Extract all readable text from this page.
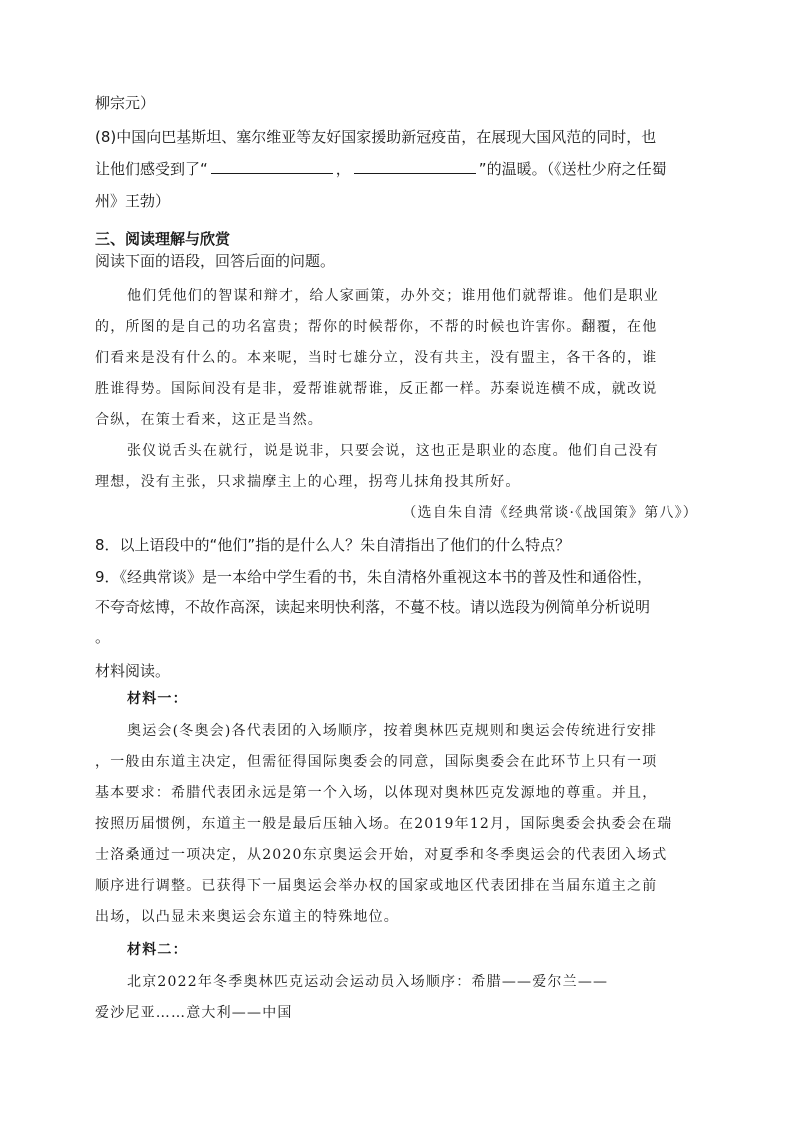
柳宗元）
(8)中国向巴基斯坦、塞尔维亚等友好国家援助新冠疫苗，在展现大国风范的同时，也
让他们感受到了“	，	”的温暖。（《送杜少府之任蜀
州》王勃）
三、阅读理解与欣赏
阅读下面的语段，回答后面的问题。
他们凭他们的智谋和辩才，给人家画策，办外交；谁用他们就帮谁。他们是职业
的，所图的是自己的功名富贵；帮你的时候帮你，不帮的时候也许害你。翻覆，在他
们看来是没有什么的。本来呢，当时七雄分立，没有共主，没有盟主，各干各的，谁
胜谁得势。国际间没有是非，爱帮谁就帮谁，反正都一样。苏秦说连横不成，就改说
合纵，在策士看来，这正是当然。
张仪说舌头在就行，说是说非，只要会说，这也正是职业的态度。他们自己没有
理想，没有主张，只求揣摩主上的心理，拐弯儿抹角投其所好。
（选自朱自清《经典常谈·《战国策》第八》）
8．以上语段中的“他们”指的是什么人？朱自清指出了他们的什么特点？
9．《经典常谈》是一本给中学生看的书，朱自清格外重视这本书的普及性和通俗性，
不夸奇炫博，不故作高深，读起来明快利落，不蔓不枝。请以选段为例简单分析说明
。
材料阅读。
材料一：
奥运会(冬奥会)各代表团的入场顺序，按着奥林匹克规则和奥运会传统进行安排
，一般由东道主决定，但需征得国际奥委会的同意，国际奥委会在此环节上只有一项
基本要求：希腊代表团永远是第一个入场，以体现对奥林匹克发源地的尊重。并且，
按照历届惯例，东道主一般是最后压轴入场。在2019年12月，国际奥委会执委会在瑞
士洛桑通过一项决定，从2020东京奥运会开始，对夏季和冬季奥运会的代表团入场式
顺序进行调整。已获得下一届奥运会举办权的国家或地区代表团排在当届东道主之前
出场，以凸显未来奥运会东道主的特殊地位。
材料二：
北京2022年冬季奥林匹克运动会运动员入场顺序：希腊——爱尔兰——
爱沙尼亚……意大利——中国
